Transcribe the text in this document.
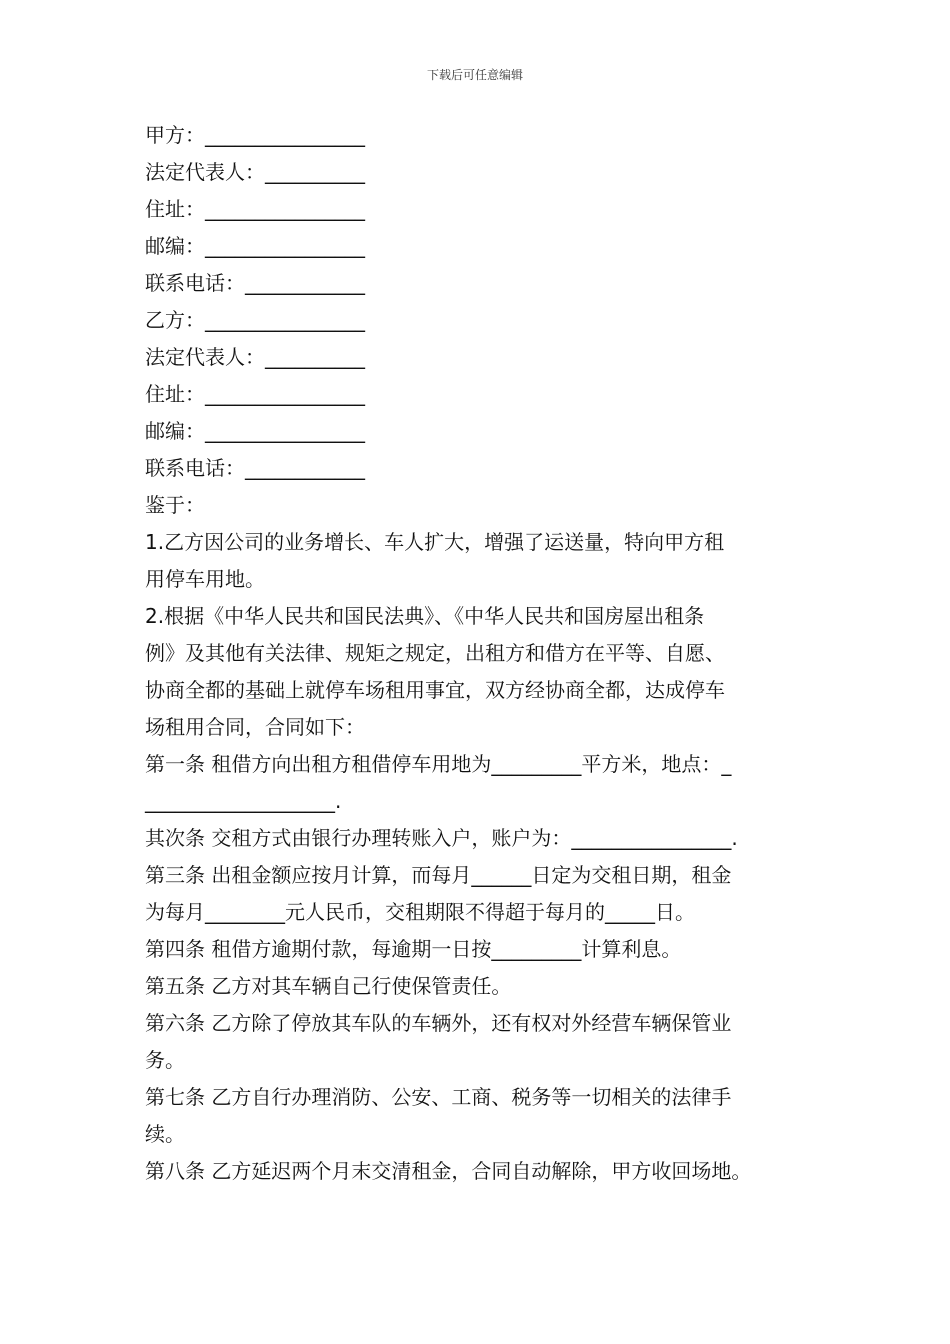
下载后可任意编辑
甲方：________________
法定代表人：__________
住址：________________
邮编：________________
联系电话：____________
乙方：________________
法定代表人：__________
住址：________________
邮编：________________
联系电话：____________
鉴于：
1.乙方因公司的业务增长、车人扩大，增强了运送量，特向甲方租
用停车用地。
2.根据《中华人民共和国民法典》、《中华人民共和国房屋出租条
例》及其他有关法律、规矩之规定，出租方和借方在平等、自愿、
协商全都的基础上就停车场租用事宜，双方经协商全都，达成停车
场租用合同，合同如下：
第一条 租借方向出租方租借停车用地为_________平方米，地点：_
___________________.
其次条 交租方式由银行办理转账入户，账户为：________________.
第三条 出租金额应按月计算，而每月______日定为交租日期，租金
为每月________元人民币，交租期限不得超于每月的_____日。
第四条 租借方逾期付款，每逾期一日按_________计算利息。
第五条 乙方对其车辆自己行使保管责任。
第六条 乙方除了停放其车队的车辆外，还有权对外经营车辆保管业
务。
第七条 乙方自行办理消防、公安、工商、税务等一切相关的法律手
续。
第八条 乙方延迟两个月末交清租金，合同自动解除，甲方收回场地。
